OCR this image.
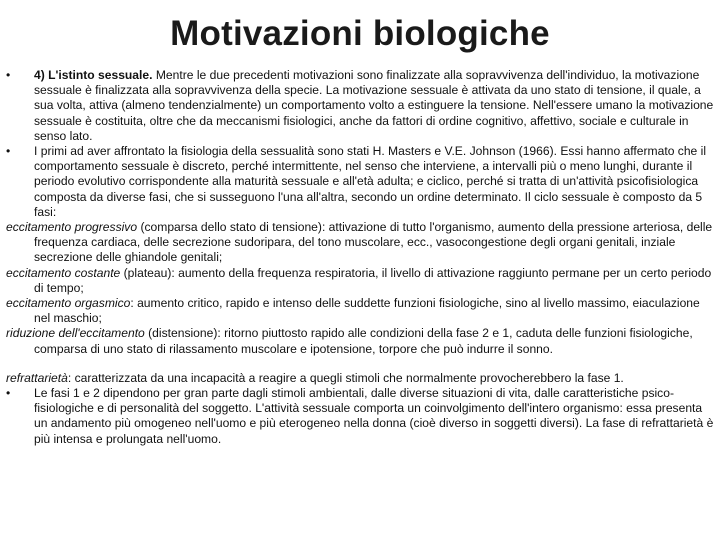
Motivazioni biologiche

• 4) L'istinto sessuale. Mentre le due precedenti motivazioni sono finalizzate alla sopravvivenza dell'individuo, la motivazione sessuale è finalizzata alla sopravvivenza della specie. La motivazione sessuale è attivata da uno stato di tensione, il quale, a sua volta, attiva (almeno tendenzialmente) un comportamento volto a estinguere la tensione. Nell'essere umano la motivazione sessuale è costituita, oltre che da meccanismi fisiologici, anche da fattori di ordine cognitivo, affettivo, sociale e culturale in senso lato.

• I primi ad aver affrontato la fisiologia della sessualità sono stati H. Masters e V.E. Johnson (1966). Essi hanno affermato che il comportamento sessuale è discreto, perché intermittente, nel senso che interviene, a intervalli più o meno lunghi, durante il periodo evolutivo corrispondente alla maturità sessuale e all'età adulta; e ciclico, perché si tratta di un'attività psicofisiologica composta da diverse fasi, che si susseguono l'una all'altra, secondo un ordine determinato. Il ciclo sessuale è composto da 5 fasi:

eccitamento progressivo (comparsa dello stato di tensione): attivazione di tutto l'organismo, aumento della pressione arteriosa, delle frequenza cardiaca, delle secrezione sudoripara, del tono muscolare, ecc., vasocongestione degli organi genitali, inziale secrezione delle ghiandole genitali;

eccitamento costante (plateau): aumento della frequenza respiratoria, il livello di attivazione raggiunto permane per un certo periodo di tempo;

eccitamento orgasmico: aumento critico, rapido e intenso delle suddette funzioni fisiologiche, sino al livello massimo, eiaculazione nel maschio;

riduzione dell'eccitamento (distensione): ritorno piuttosto rapido alle condizioni della fase 2 e 1, caduta delle funzioni fisiologiche, comparsa di uno stato di rilassamento muscolare e ipotensione, torpore che può indurre il sonno.

refrattarietà: caratterizzata da una incapacità a reagire a quegli stimoli che normalmente provocherebbero la fase 1.

• Le fasi 1 e 2 dipendono per gran parte dagli stimoli ambientali, dalle diverse situazioni di vita, dalle caratteristiche psico-fisiologiche e di personalità del soggetto. L'attività sessuale comporta un coinvolgimento dell'intero organismo: essa presenta un andamento più omogeneo nell'uomo e più eterogeneo nella donna (cioè diverso in soggetti diversi). La fase di refrattarietà è più intensa e prolungata nell'uomo.
